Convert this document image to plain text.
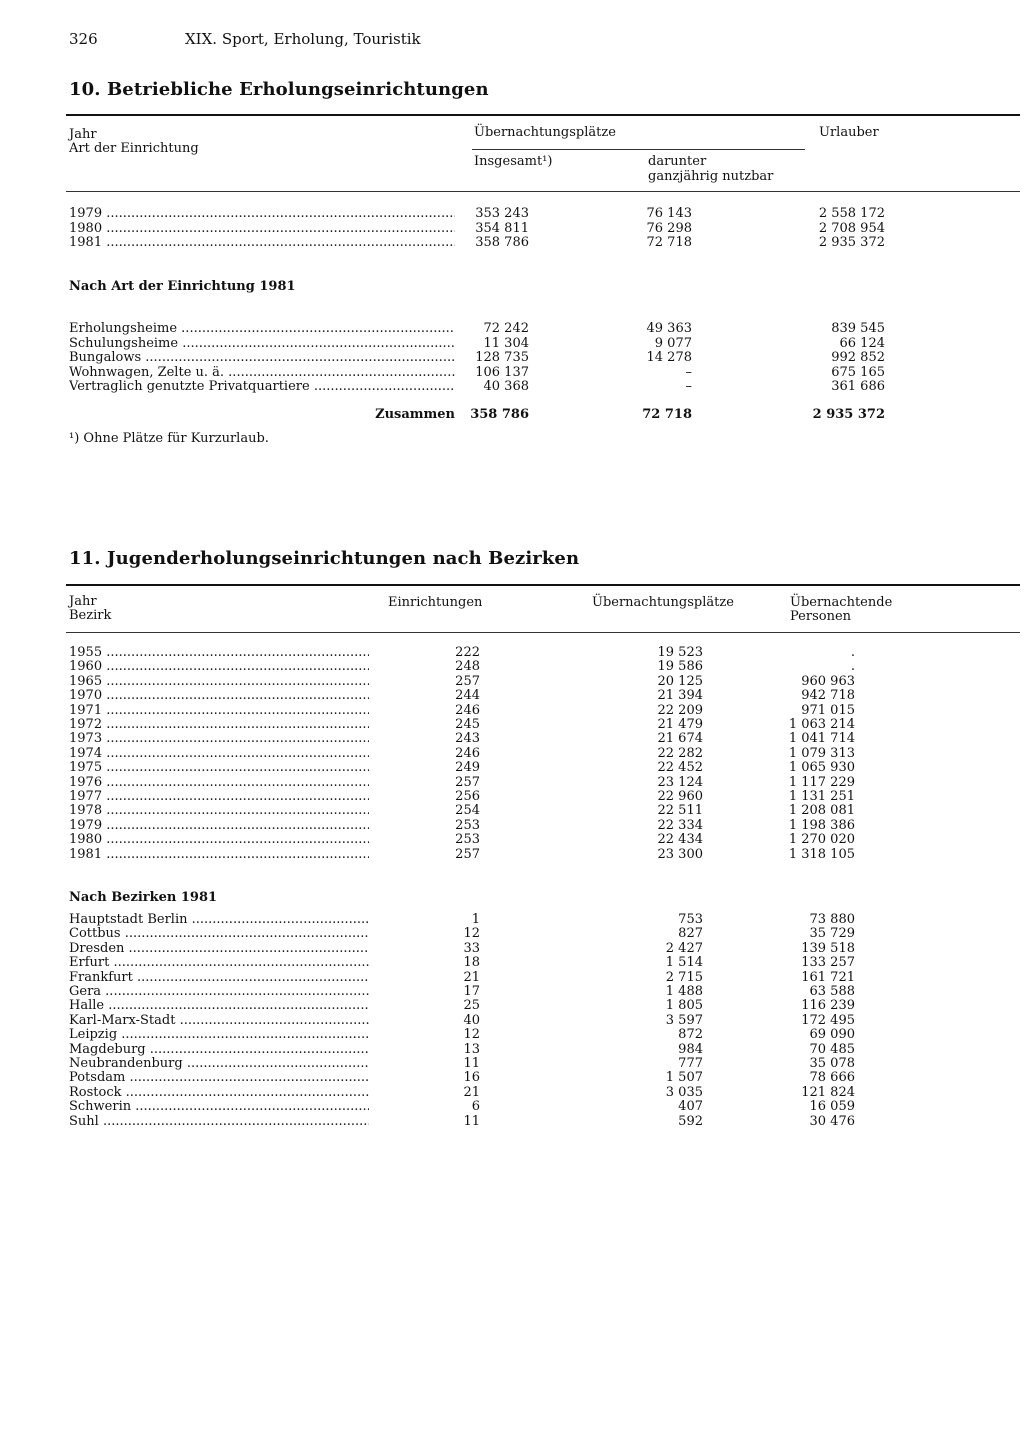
326	XIX. Sport, Erholung, Touristik
10. Betriebliche Erholungseinrichtungen
Jahr
Art der Einrichtung
Übernachtungsplätze
Insgesamt¹)	darunter
ganzjährig nutzbar
Urlauber
1979 .....	353 243	76 143	2 558 172
1980 .....	354 811	76 298	2 708 954
1981 .....	358 786	72 718	2 935 372
Nach Art der Einrichtung 1981
Erholungsheime .....	72 242	49 363	839 545
Schulungsheime .....	11 304	9 077	66 124
Bungalows .....	128 735	14 278	992 852
Wohnwagen, Zelte u. ä. .....	106 137	–	675 165
Vertraglich genutzte Privatquartiere .....	40 368	–	361 686
Zusammen 358 786	72 718	2 935 372
¹) Ohne Plätze für Kurzurlaub.
11. Jugenderholungseinrichtungen nach Bezirken
Jahr
Bezirk
Einrichtungen	Übernachtungsplätze	Übernachtende
Personen
1955 .....	222	19 523	.
1960 .....	248	19 586	.
1965 .....	257	20 125	960 963
1970 .....	244	21 394	942 718
1971 .....	246	22 209	971 015
1972 .....	245	21 479	1 063 214
1973 .....	243	21 674	1 041 714
1974 .....	246	22 282	1 079 313
1975 .....	249	22 452	1 065 930
1976 .....	257	23 124	1 117 229
1977 .....	256	22 960	1 131 251
1978 .....	254	22 511	1 208 081
1979 .....	253	22 334	1 198 386
1980 .....	253	22 434	1 270 020
1981 .....	257	23 300	1 318 105
Nach Bezirken 1981
Hauptstadt Berlin .....	1	753	73 880
Cottbus .....	12	827	35 729
Dresden .....	33	2 427	139 518
Erfurt .....	18	1 514	133 257
Frankfurt .....	21	2 715	161 721
Gera .....	17	1 488	63 588
Halle .....	25	1 805	116 239
Karl-Marx-Stadt .....	40	3 597	172 495
Leipzig .....	12	872	69 090
Magdeburg .....	13	984	70 485
Neubrandenburg .....	11	777	35 078
Potsdam .....	16	1 507	78 666
Rostock .....	21	3 035	121 824
Schwerin .....	6	407	16 059
Suhl .....	11	592	30 476
